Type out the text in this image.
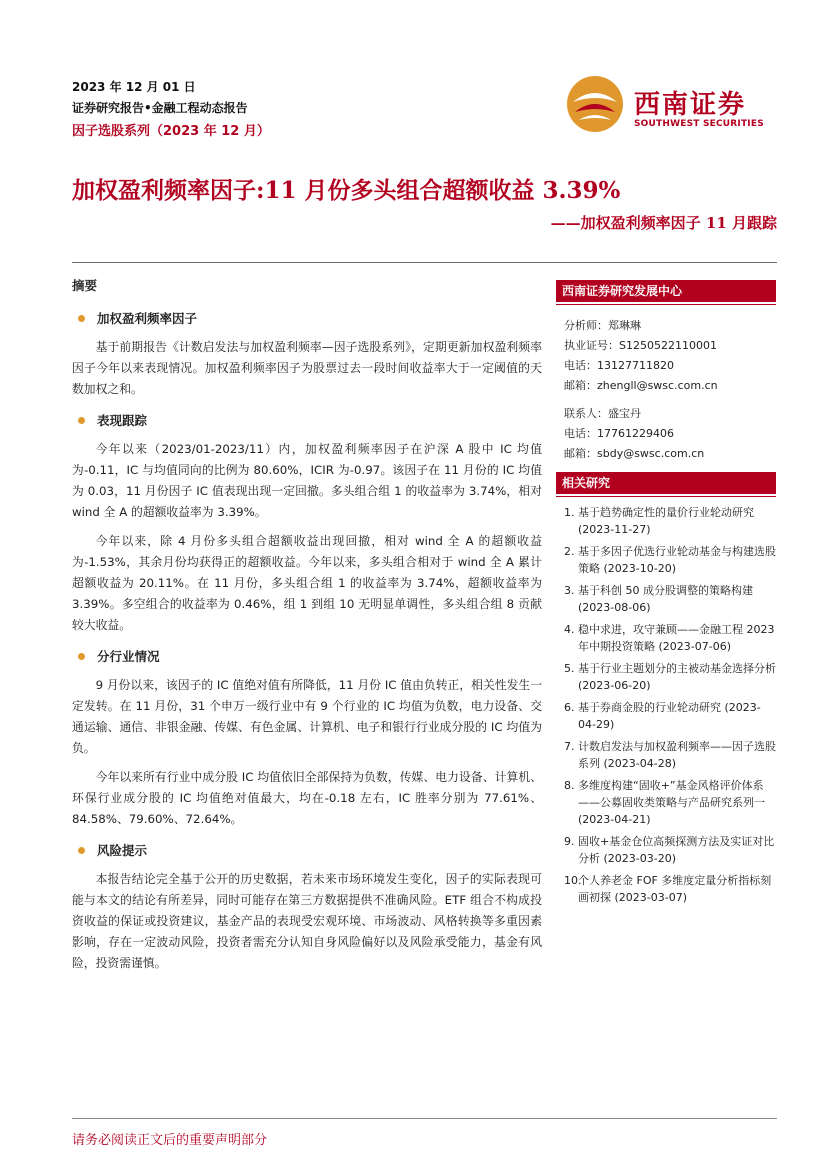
2023 年 12 月 01 日
证券研究报告•金融工程动态报告
因子选股系列（2023 年 12 月）
西南证券
SOUTHWEST SECURITIES
加权盈利频率因子:11 月份多头组合超额收益 3.39%
——加权盈利频率因子 11 月跟踪
摘要
加权盈利频率因子

基于前期报告《计数启发法与加权盈利频率—因子选股系列》，定期更新加权盈利频率因子今年以来表现情况。加权盈利频率因子为股票过去一段时间收益率大于一定阈值的天数加权之和。

表现跟踪

今年以来（2023/01-2023/11）内，加权盈利频率因子在沪深 A 股中 IC 均值为-0.11，IC 与均值同向的比例为 80.60%，ICIR 为-0.97。该因子在 11 月份的 IC 均值为 0.03，11 月份因子 IC 值表现出现一定回撤。多头组合组 1 的收益率为 3.74%，相对 wind 全 A 的超额收益率为 3.39%。

今年以来，除 4 月份多头组合超额收益出现回撤，相对 wind 全 A 的超额收益为-1.53%，其余月份均获得正的超额收益。今年以来，多头组合相对于 wind 全 A 累计超额收益为 20.11%。在 11 月份，多头组合组 1 的收益率为 3.74%，超额收益率为 3.39%。多空组合的收益率为 0.46%，组 1 到组 10 无明显单调性，多头组合组 8 贡献较大收益。

分行业情况

9 月份以来，该因子的 IC 值绝对值有所降低，11 月份 IC 值由负转正，相关性发生一定发转。在 11 月份，31 个申万一级行业中有 9 个行业的 IC 均值为负数，电力设备、交通运输、通信、非银金融、传媒、有色金属、计算机、电子和银行行业成分股的 IC 均值为负。

今年以来所有行业中成分股 IC 均值依旧全部保持为负数，传媒、电力设备、计算机、环保行业成分股的 IC 均值绝对值最大，均在-0.18 左右，IC 胜率分别为 77.61%、84.58%、79.60%、72.64%。

风险提示

本报告结论完全基于公开的历史数据，若未来市场环境发生变化，因子的实际表现可能与本文的结论有所差异，同时可能存在第三方数据提供不准确风险。ETF 组合不构成投资收益的保证或投资建议，基金产品的表现受宏观环境、市场波动、风格转换等多重因素影响，存在一定波动风险，投资者需充分认知自身风险偏好以及风险承受能力，基金有风险，投资需谨慎。

西南证券研究发展中心
分析师：郑琳琳
执业证号：S1250522110001
电话：13127711820
邮箱：zhengll@swsc.com.cn
联系人：盛宝丹
电话：17761229406
邮箱：sbdy@swsc.com.cn
相关研究
1. 基于趋势确定性的量价行业轮动研究 (2023-11-27)
2. 基于多因子优选行业轮动基金与构建选股策略 (2023-10-20)
3. 基于科创 50 成分股调整的策略构建 (2023-08-06)
4. 稳中求进，攻守兼顾——金融工程 2023 年中期投资策略 (2023-07-06)
5. 基于行业主题划分的主被动基金选择分析 (2023-06-20)
6. 基于券商金股的行业轮动研究 (2023-04-29)
7. 计数启发法与加权盈利频率——因子选股系列 (2023-04-28)
8. 多维度构建“固收+”基金风格评价体系——公募固收类策略与产品研究系列一 (2023-04-21)
9. 固收+基金仓位高频探测方法及实证对比分析 (2023-03-20)
10.
个人养老金 FOF 多维度定量分析指标刻画初探 (2023-03-07)
请务必阅读正文后的重要声明部分
